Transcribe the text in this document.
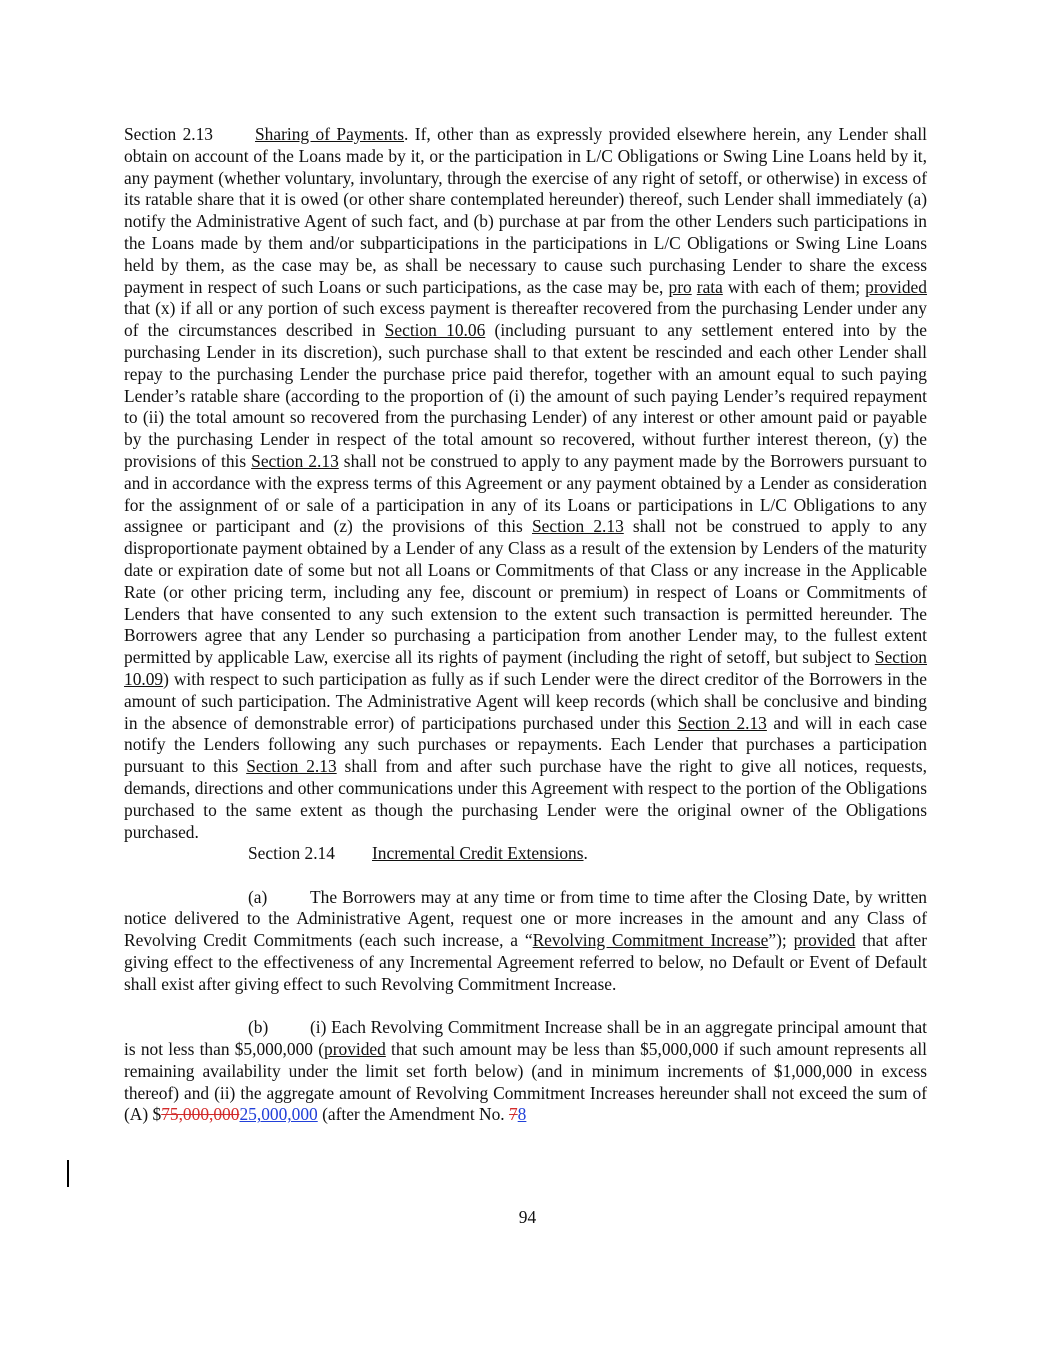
Section 2.13 Sharing of Payments. If, other than as expressly provided elsewhere herein, any Lender shall obtain on account of the Loans made by it, or the participation in L/C Obligations or Swing Line Loans held by it, any payment (whether voluntary, involuntary, through the exercise of any right of setoff, or otherwise) in excess of its ratable share that it is owed (or other share contemplated hereunder) thereof, such Lender shall immediately (a) notify the Administrative Agent of such fact, and (b) purchase at par from the other Lenders such participations in the Loans made by them and/or subparticipations in the participations in L/C Obligations or Swing Line Loans held by them, as the case may be, as shall be necessary to cause such purchasing Lender to share the excess payment in respect of such Loans or such participations, as the case may be, pro rata with each of them; provided that (x) if all or any portion of such excess payment is thereafter recovered from the purchasing Lender under any of the circumstances described in Section 10.06 (including pursuant to any settlement entered into by the purchasing Lender in its discretion), such purchase shall to that extent be rescinded and each other Lender shall repay to the purchasing Lender the purchase price paid therefor, together with an amount equal to such paying Lender’s ratable share (according to the proportion of (i) the amount of such paying Lender’s required repayment to (ii) the total amount so recovered from the purchasing Lender) of any interest or other amount paid or payable by the purchasing Lender in respect of the total amount so recovered, without further interest thereon, (y) the provisions of this Section 2.13 shall not be construed to apply to any payment made by the Borrowers pursuant to and in accordance with the express terms of this Agreement or any payment obtained by a Lender as consideration for the assignment of or sale of a participation in any of its Loans or participations in L/C Obligations to any assignee or participant and (z) the provisions of this Section 2.13 shall not be construed to apply to any disproportionate payment obtained by a Lender of any Class as a result of the extension by Lenders of the maturity date or expiration date of some but not all Loans or Commitments of that Class or any increase in the Applicable Rate (or other pricing term, including any fee, discount or premium) in respect of Loans or Commitments of Lenders that have consented to any such extension to the extent such transaction is permitted hereunder. The Borrowers agree that any Lender so purchasing a participation from another Lender may, to the fullest extent permitted by applicable Law, exercise all its rights of payment (including the right of setoff, but subject to Section 10.09) with respect to such participation as fully as if such Lender were the direct creditor of the Borrowers in the amount of such participation. The Administrative Agent will keep records (which shall be conclusive and binding in the absence of demonstrable error) of participations purchased under this Section 2.13 and will in each case notify the Lenders following any such purchases or repayments. Each Lender that purchases a participation pursuant to this Section 2.13 shall from and after such purchase have the right to give all notices, requests, demands, directions and other communications under this Agreement with respect to the portion of the Obligations purchased to the same extent as though the purchasing Lender were the original owner of the Obligations purchased.

Section 2.14 Incremental Credit Extensions.

(a) The Borrowers may at any time or from time to time after the Closing Date, by written notice delivered to the Administrative Agent, request one or more increases in the amount and any Class of Revolving Credit Commitments (each such increase, a “Revolving Commitment Increase”); provided that after giving effect to the effectiveness of any Incremental Agreement referred to below, no Default or Event of Default shall exist after giving effect to such Revolving Commitment Increase.

(b) (i) Each Revolving Commitment Increase shall be in an aggregate principal amount that is not less than $5,000,000 (provided that such amount may be less than $5,000,000 if such amount represents all remaining availability under the limit set forth below) (and in minimum increments of $1,000,000 in excess thereof) and (ii) the aggregate amount of Revolving Commitment Increases hereunder shall not exceed the sum of (A) $75,000,00025,000,000 (after the Amendment No. 78

94
